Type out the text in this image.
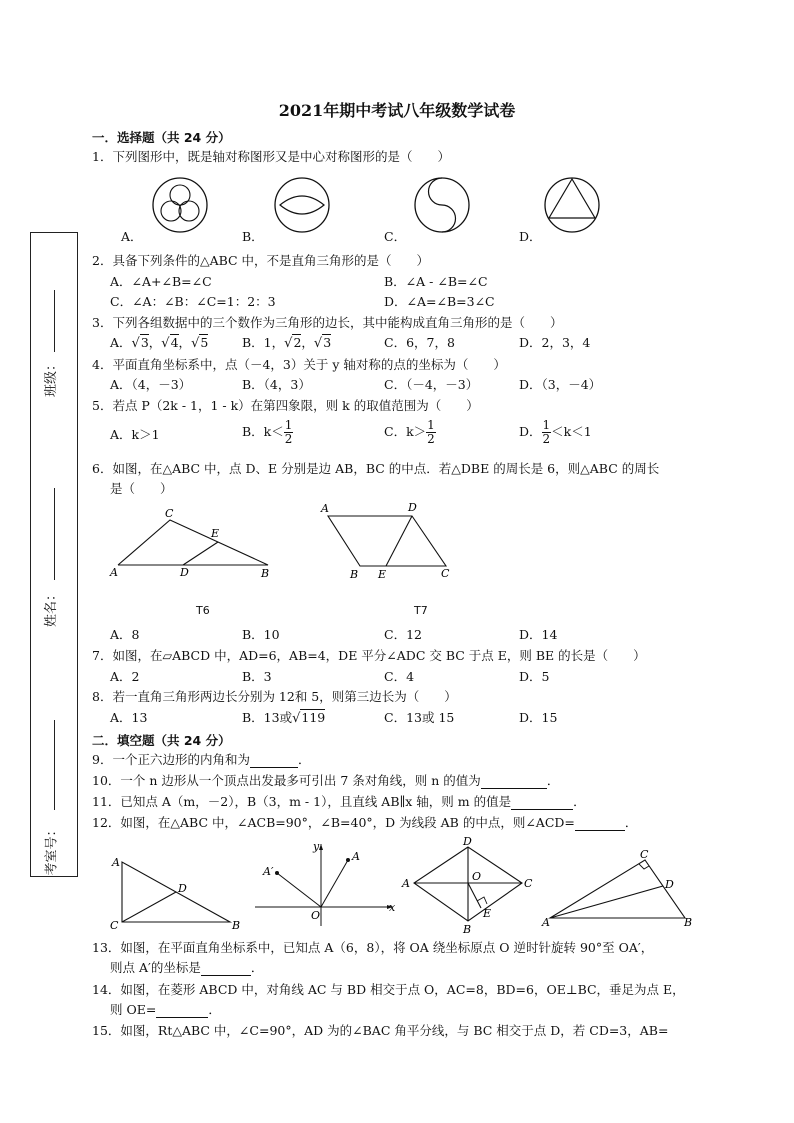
2021年期中考试八年级数学试卷
班级：
姓名：
考室号：
一．选择题（共 24 分）
1．下列图形中，既是轴对称图形又是中心对称图形的是（　　）
A．	B．	C．	D．
2．具备下列条件的△ABC 中，不是直角三角形的是（　　）
A．∠A+∠B=∠C	B．∠A - ∠B=∠C
C．∠A：∠B：∠C=1：2：3	D．∠A=∠B=3∠C
3．下列各组数据中的三个数作为三角形的边长，其中能构成直角三角形的是（　　）
A．√3，√4，√5	B．1，√2，√3	C．6，7，8	D．2，3，4
4．平面直角坐标系中，点（－4，3）关于 y 轴对称的点的坐标为（　　）
A．（4，－3）	B．（4，3）	C．（－4，－3）	D．（3，－4）
5．若点 P（2k - 1，1 - k）在第四象限，则 k 的取值范围为（　　）
A．k＞1	B．$k< \frac{1}{2}$	C．$k> \frac{1}{2}$	D． $\frac{1}{2} <k<1$
6．如图，在△ABC 中，点 D、E 分别是边 AB，BC 的中点．若△DBE 的周长是 6，则△ABC 的周长
是（　　）
C
E
A	D	B
A	D
B E	C
T6	T7
A．8	B．10	C．12	D．14
7．如图，在▱ABCD 中，AD=6，AB=4，DE 平分∠ADC 交 BC 于点 E，则 BE 的长是（　　）
A．2	B．3	C．4	D．5
8．若一直角三角形两边长分别为 12和 5，则第三边长为（　　）
A．13	B．13或√119	C．13或 15	D．15
二．填空题（共 24 分）
9．一个正六边形的内角和为	．
10．一个 n 边形从一个顶点出发最多可引出 7 条对角线，则 n 的值为	．
11．已知点 A（m，－2），B（3，m - 1），且直线 AB∥x 轴，则 m 的值是	．
12．如图，在△ABC 中，∠ACB=90°，∠B=40°，D 为线段 AB 的中点，则∠ACD=	．
A
D
C	B
y
A′
A
O
x
D
A
O
C
B
E
C
D
A	B
13．如图，在平面直角坐标系中，已知点 A（6，8），将 OA 绕坐标原点 O 逆时针旋转 90°至 OA′，
则点 A′的坐标是	．
14．如图，在菱形 ABCD 中，对角线 AC 与 BD 相交于点 O，AC=8，BD=6，OE⊥BC，垂足为点 E，
则 OE=	．
15．如图，Rt△ABC 中，∠C=90°，AD 为的∠BAC 角平分线，与 BC 相交于点 D，若 CD=3，AB=
